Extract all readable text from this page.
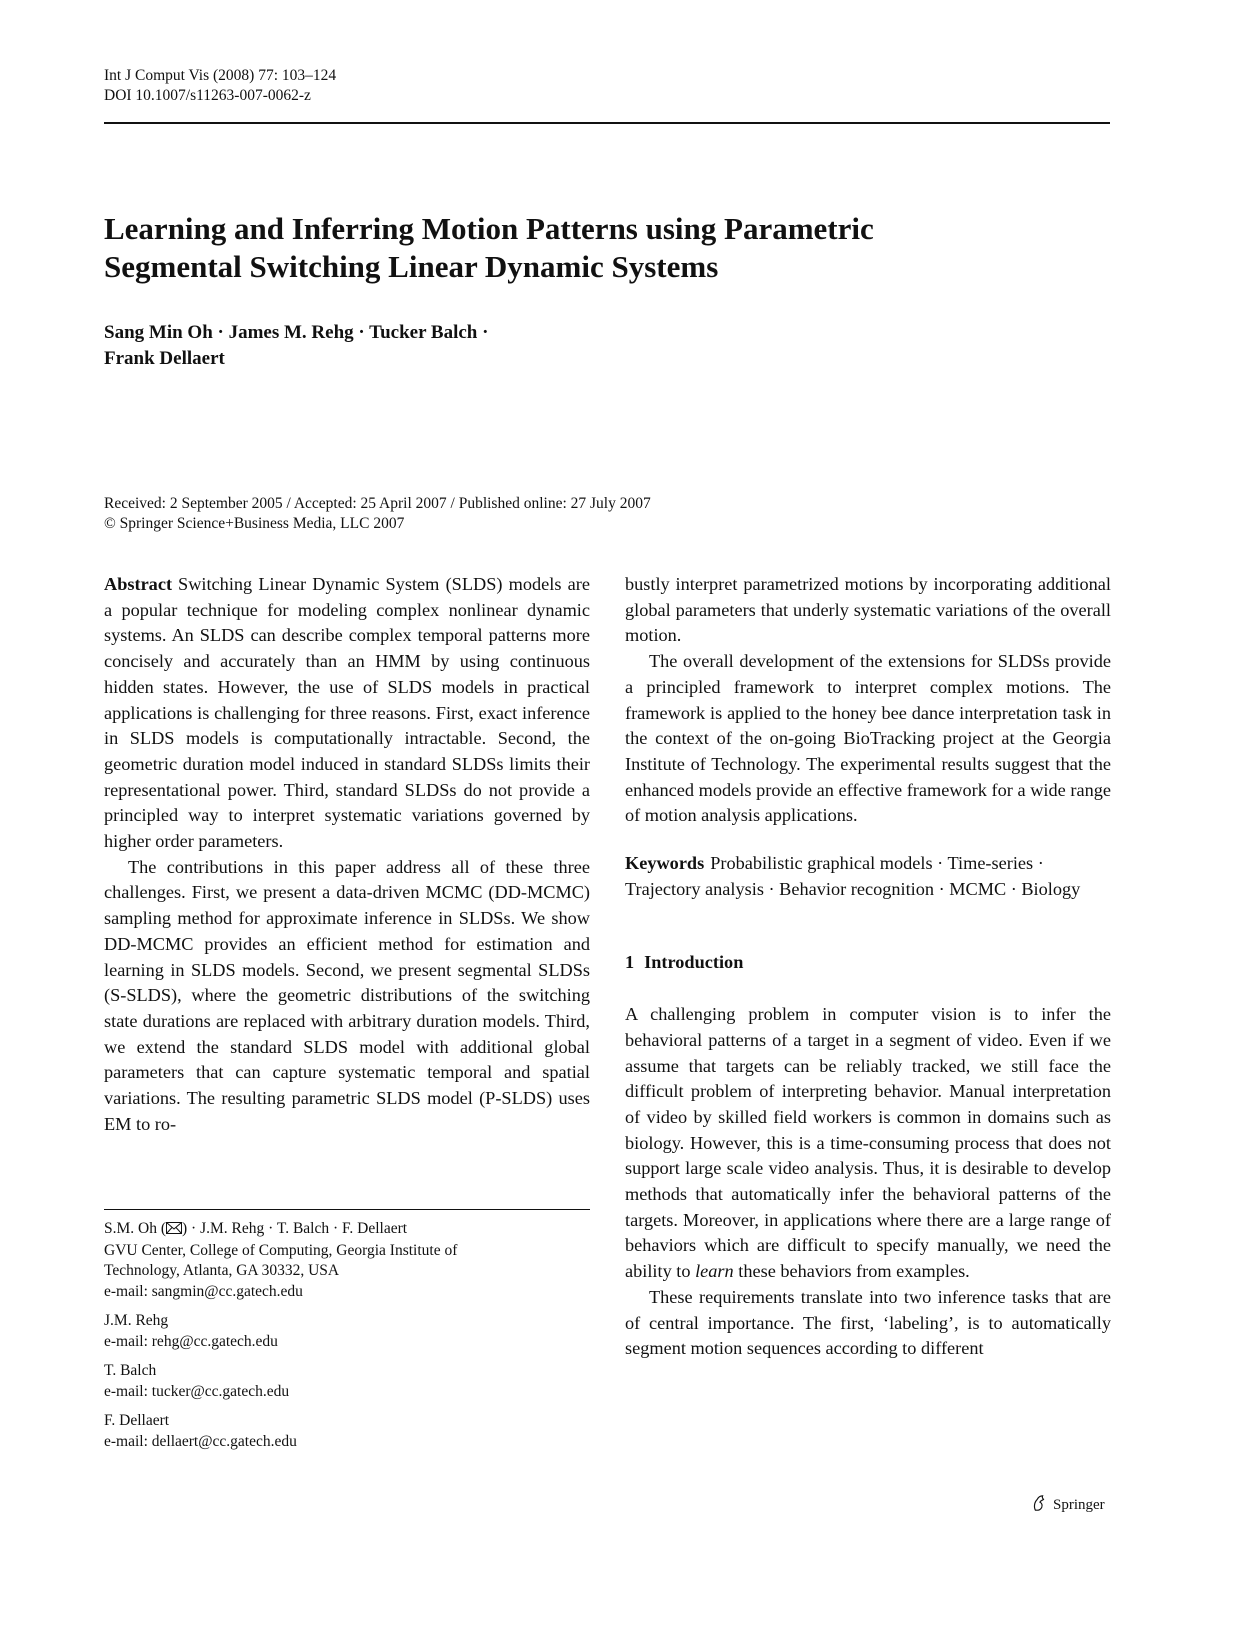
Int J Comput Vis (2008) 77: 103–124
DOI 10.1007/s11263-007-0062-z
Learning and Inferring Motion Patterns using Parametric
Segmental Switching Linear Dynamic Systems
Sang Min Oh · James M. Rehg · Tucker Balch ·
Frank Dellaert
Received: 2 September 2005 / Accepted: 25 April 2007 / Published online: 27 July 2007
© Springer Science+Business Media, LLC 2007

Abstract Switching Linear Dynamic System (SLDS) models are a popular technique for modeling complex nonlinear dynamic systems. An SLDS can describe complex temporal patterns more concisely and accurately than an HMM by using continuous hidden states. However, the use of SLDS models in practical applications is challenging for three reasons. First, exact inference in SLDS models is computationally intractable. Second, the geometric duration model induced in standard SLDSs limits their representational power. Third, standard SLDSs do not provide a principled way to interpret systematic variations governed by higher order parameters.

The contributions in this paper address all of these three challenges. First, we present a data-driven MCMC (DD-MCMC) sampling method for approximate inference in SLDSs. We show DD-MCMC provides an efficient method for estimation and learning in SLDS models. Second, we present segmental SLDSs (S-SLDS), where the geometric distributions of the switching state durations are replaced with arbitrary duration models. Third, we extend the standard SLDS model with additional global parameters that can capture systematic temporal and spatial variations. The resulting parametric SLDS model (P-SLDS) uses EM to ro-

S.M. Oh ( ) · J.M. Rehg · T. Balch · F. Dellaert
GVU Center, College of Computing, Georgia Institute of
Technology, Atlanta, GA 30332, USA
e-mail: sangmin@cc.gatech.edu
J.M. Rehg
e-mail: rehg@cc.gatech.edu
T. Balch
e-mail: tucker@cc.gatech.edu
F. Dellaert
e-mail: dellaert@cc.gatech.edu

bustly interpret parametrized motions by incorporating additional global parameters that underly systematic variations of the overall motion.

The overall development of the extensions for SLDSs provide a principled framework to interpret complex motions. The framework is applied to the honey bee dance interpretation task in the context of the on-going BioTracking project at the Georgia Institute of Technology. The experimental results suggest that the enhanced models provide an effective framework for a wide range of motion analysis applications.

Keywords Probabilistic graphical models · Time-series · Trajectory analysis · Behavior recognition · MCMC · Biology

1 Introduction

A challenging problem in computer vision is to infer the behavioral patterns of a target in a segment of video. Even if we assume that targets can be reliably tracked, we still face the difficult problem of interpreting behavior. Manual interpretation of video by skilled field workers is common in domains such as biology. However, this is a time-consuming process that does not support large scale video analysis. Thus, it is desirable to develop methods that automatically infer the behavioral patterns of the targets. Moreover, in applications where there are a large range of behaviors which are difficult to specify manually, we need the ability to learn these behaviors from examples.

These requirements translate into two inference tasks that are of central importance. The first, ‘labeling’, is to automatically segment motion sequences according to different

Springer
